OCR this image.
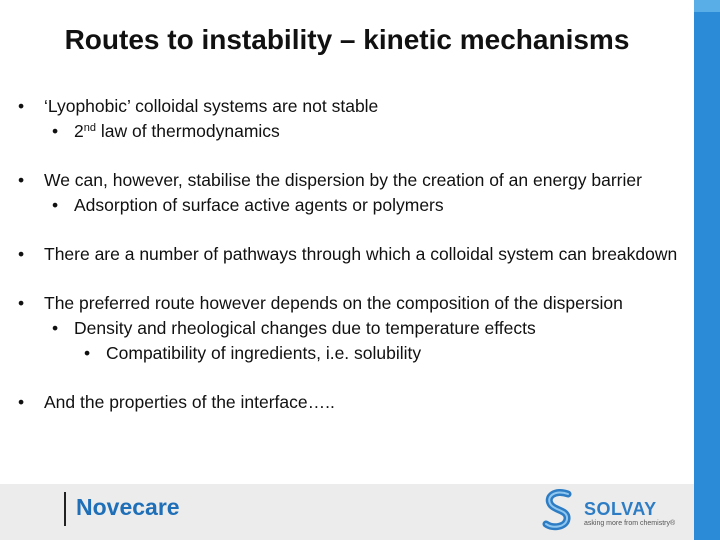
Routes to instability – kinetic mechanisms
•	‘Lyophobic’ colloidal systems are not stable
• 2nd law of thermodynamics
•	We can, however, stabilise the dispersion by the creation of an energy barrier
• Adsorption of surface active agents or polymers
•	There are a number of pathways through which a colloidal system can breakdown
•	The preferred route however depends on the composition of the dispersion
• Density and rheological changes due to temperature effects
• Compatibility of ingredients, i.e. solubility
•	And the properties of the interface…..
Novecare	SOLVAY
asking more from chemistry®
